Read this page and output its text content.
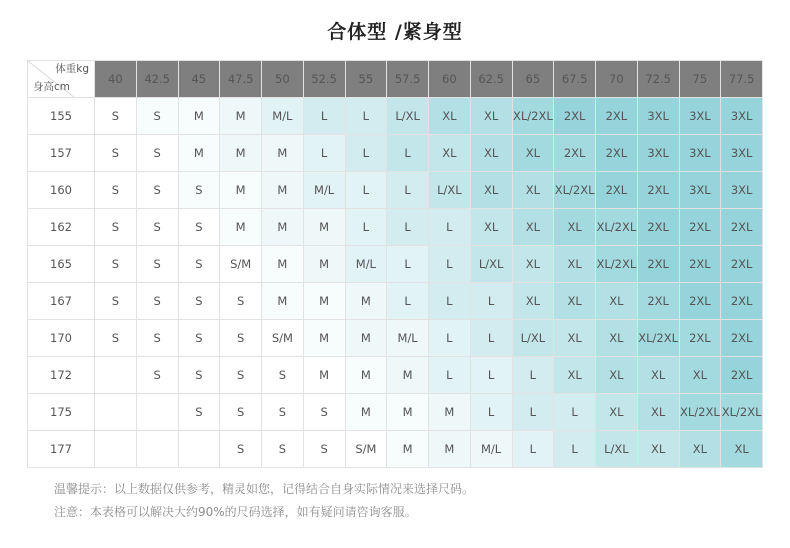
合体型 /紧身型
体重kg
身高cm	40	42.5	45	47.5	50	52.5	55	57.5	60	62.5	65	67.5	70	72.5	75	77.5
155	S	S	M	M	M/L	L	L	L/XL	XL	XL	XL/2XL	2XL	2XL	3XL	3XL	3XL
157	S	S	M	M	M	L	L	L	XL	XL	XL	2XL	2XL	3XL	3XL	3XL
160	S	S	S	M	M	M/L	L	L	L/XL	XL	XL	XL/2XL	2XL	2XL	3XL	3XL
162	S	S	S	M	M	M	L	L	L	XL	XL	XL	XL/2XL	2XL	2XL	2XL
165	S	S	S	S/M	M	M	M/L	L	L	L/XL	XL	XL	XL/2XL	2XL	2XL	2XL
167	S	S	S	S	M	M	M	L	L	L	XL	XL	XL	2XL	2XL	2XL
170	S	S	S	S	S/M	M	M	M/L	L	L	L/XL	XL	XL	XL/2XL	2XL	2XL
172		S	S	S	S	M	M	M	L	L	L	XL	XL	XL	XL	2XL
175			S	S	S	S	M	M	M	L	L	L	XL	XL	XL/2XL	XL/2XL
177				S	S	S	S/M	M	M	M/L	L	L	L/XL	XL	XL	XL
温馨提示：以上数据仅供参考，精灵如您，记得结合自身实际情况来选择尺码。
注意：本表格可以解决大约90%的尺码选择，如有疑问请咨询客服。
